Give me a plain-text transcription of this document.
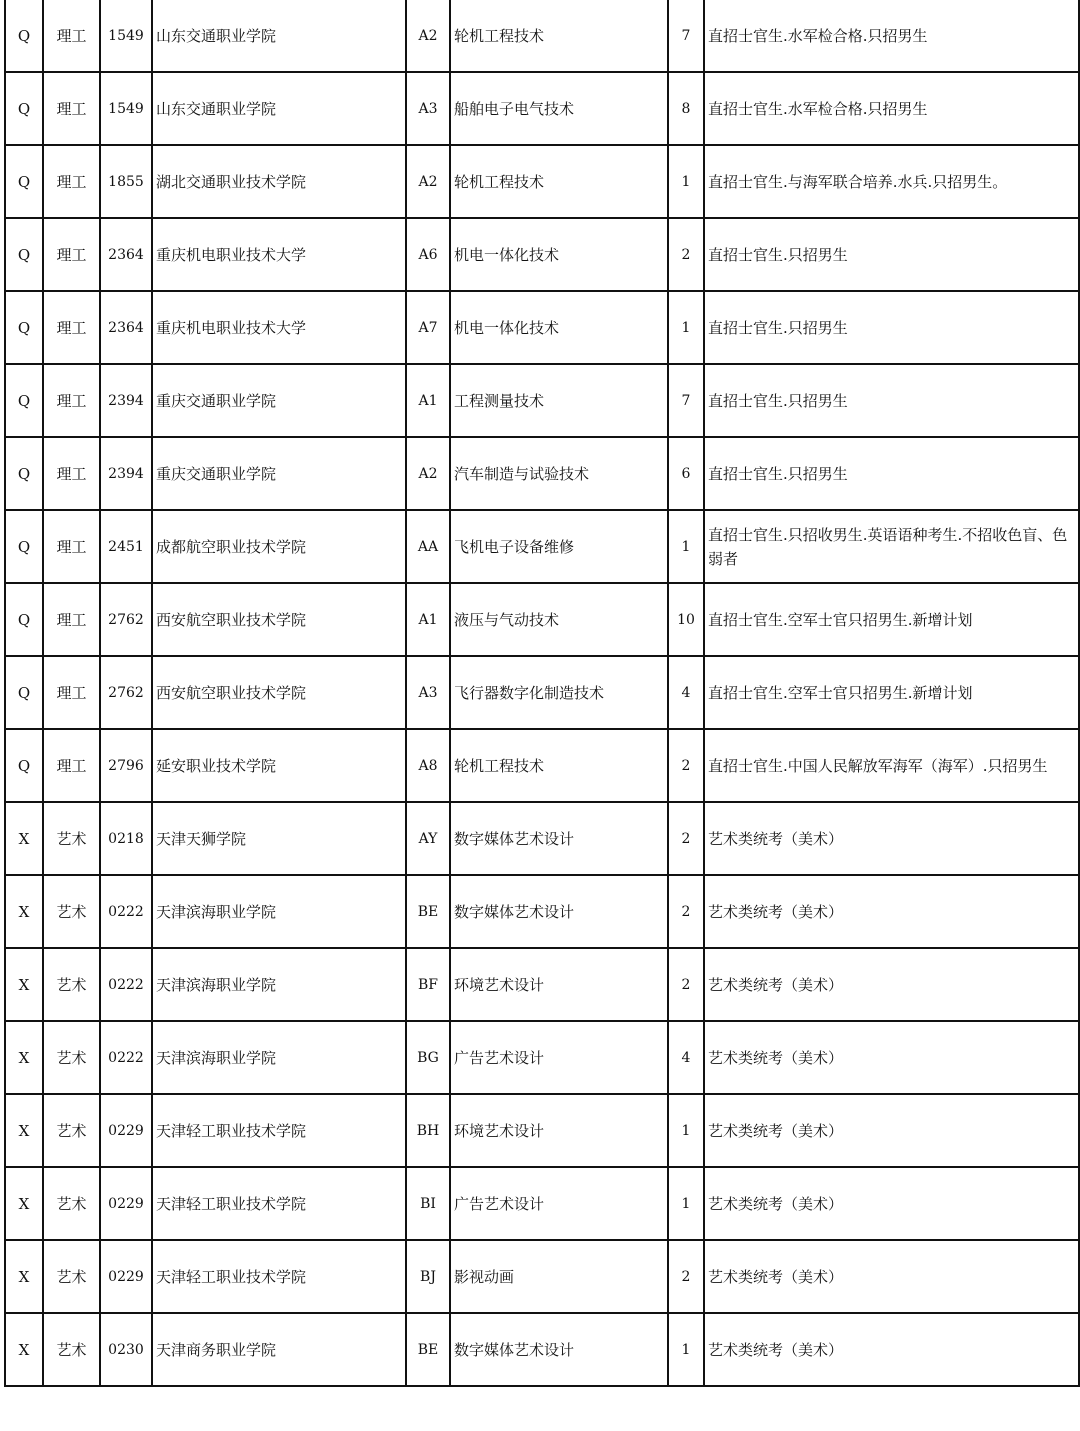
Q	理工	1549	山东交通职业学院	A2	轮机工程技术	7	直招士官生.水军检合格.只招男生
Q	理工	1549	山东交通职业学院	A3	船舶电子电气技术	8	直招士官生.水军检合格.只招男生
Q	理工	1855	湖北交通职业技术学院	A2	轮机工程技术	1	直招士官生.与海军联合培养.水兵.只招男生。
Q	理工	2364	重庆机电职业技术大学	A6	机电一体化技术	2	直招士官生.只招男生
Q	理工	2364	重庆机电职业技术大学	A7	机电一体化技术	1	直招士官生.只招男生
Q	理工	2394	重庆交通职业学院	A1	工程测量技术	7	直招士官生.只招男生
Q	理工	2394	重庆交通职业学院	A2	汽车制造与试验技术	6	直招士官生.只招男生
Q	理工	2451	成都航空职业技术学院	AA	飞机电子设备维修	1	直招士官生.只招收男生.英语语种考生.不招收色盲、色弱者
Q	理工	2762	西安航空职业技术学院	A1	液压与气动技术	10	直招士官生.空军士官只招男生.新增计划
Q	理工	2762	西安航空职业技术学院	A3	飞行器数字化制造技术	4	直招士官生.空军士官只招男生.新增计划
Q	理工	2796	延安职业技术学院	A8	轮机工程技术	2	直招士官生.中国人民解放军海军（海军）.只招男生
X	艺术	0218	天津天狮学院	AY	数字媒体艺术设计	2	艺术类统考（美术）
X	艺术	0222	天津滨海职业学院	BE	数字媒体艺术设计	2	艺术类统考（美术）
X	艺术	0222	天津滨海职业学院	BF	环境艺术设计	2	艺术类统考（美术）
X	艺术	0222	天津滨海职业学院	BG	广告艺术设计	4	艺术类统考（美术）
X	艺术	0229	天津轻工职业技术学院	BH	环境艺术设计	1	艺术类统考（美术）
X	艺术	0229	天津轻工职业技术学院	BI	广告艺术设计	1	艺术类统考（美术）
X	艺术	0229	天津轻工职业技术学院	BJ	影视动画	2	艺术类统考（美术）
X	艺术	0230	天津商务职业学院	BE	数字媒体艺术设计	1	艺术类统考（美术）
